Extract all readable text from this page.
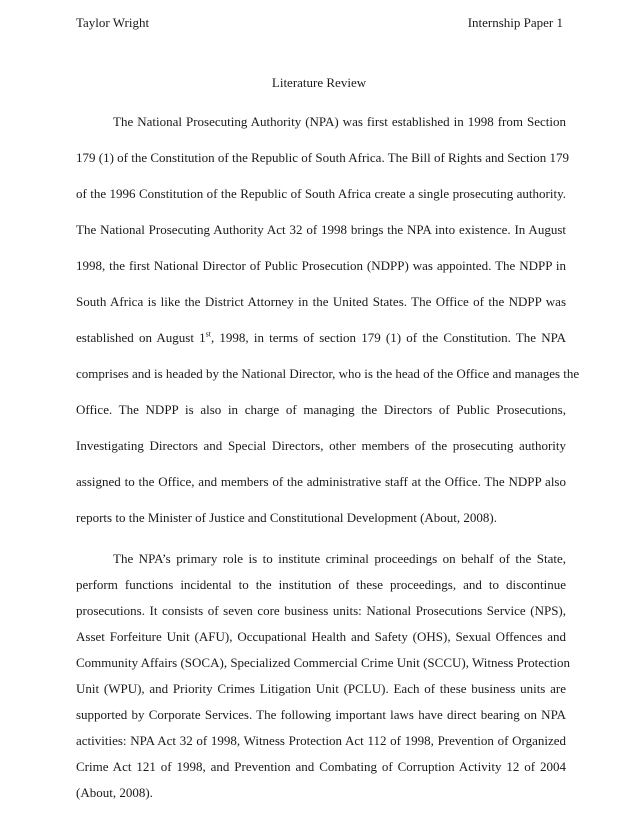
Taylor Wright	Internship Paper 1
Literature Review
The National Prosecuting Authority (NPA) was first established in 1998 from Section
179 (1) of the Constitution of the Republic of South Africa. The Bill of Rights and Section 179
of the 1996 Constitution of the Republic of South Africa create a single prosecuting authority.
The National Prosecuting Authority Act 32 of 1998 brings the NPA into existence. In August
1998, the first National Director of Public Prosecution (NDPP) was appointed. The NDPP in
South Africa is like the District Attorney in the United States. The Office of the NDPP was
established on August 1st, 1998, in terms of section 179 (1) of the Constitution. The NPA
comprises and is headed by the National Director, who is the head of the Office and manages the
Office. The NDPP is also in charge of managing the Directors of Public Prosecutions,
Investigating Directors and Special Directors, other members of the prosecuting authority
assigned to the Office, and members of the administrative staff at the Office. The NDPP also
reports to the Minister of Justice and Constitutional Development (About, 2008).
The NPA’s primary role is to institute criminal proceedings on behalf of the State,
perform functions incidental to the institution of these proceedings, and to discontinue
prosecutions. It consists of seven core business units: National Prosecutions Service (NPS),
Asset Forfeiture Unit (AFU), Occupational Health and Safety (OHS), Sexual Offences and
Community Affairs (SOCA), Specialized Commercial Crime Unit (SCCU), Witness Protection
Unit (WPU), and Priority Crimes Litigation Unit (PCLU). Each of these business units are
supported by Corporate Services. The following important laws have direct bearing on NPA
activities: NPA Act 32 of 1998, Witness Protection Act 112 of 1998, Prevention of Organized
Crime Act 121 of 1998, and Prevention and Combating of Corruption Activity 12 of 2004
(About, 2008).
